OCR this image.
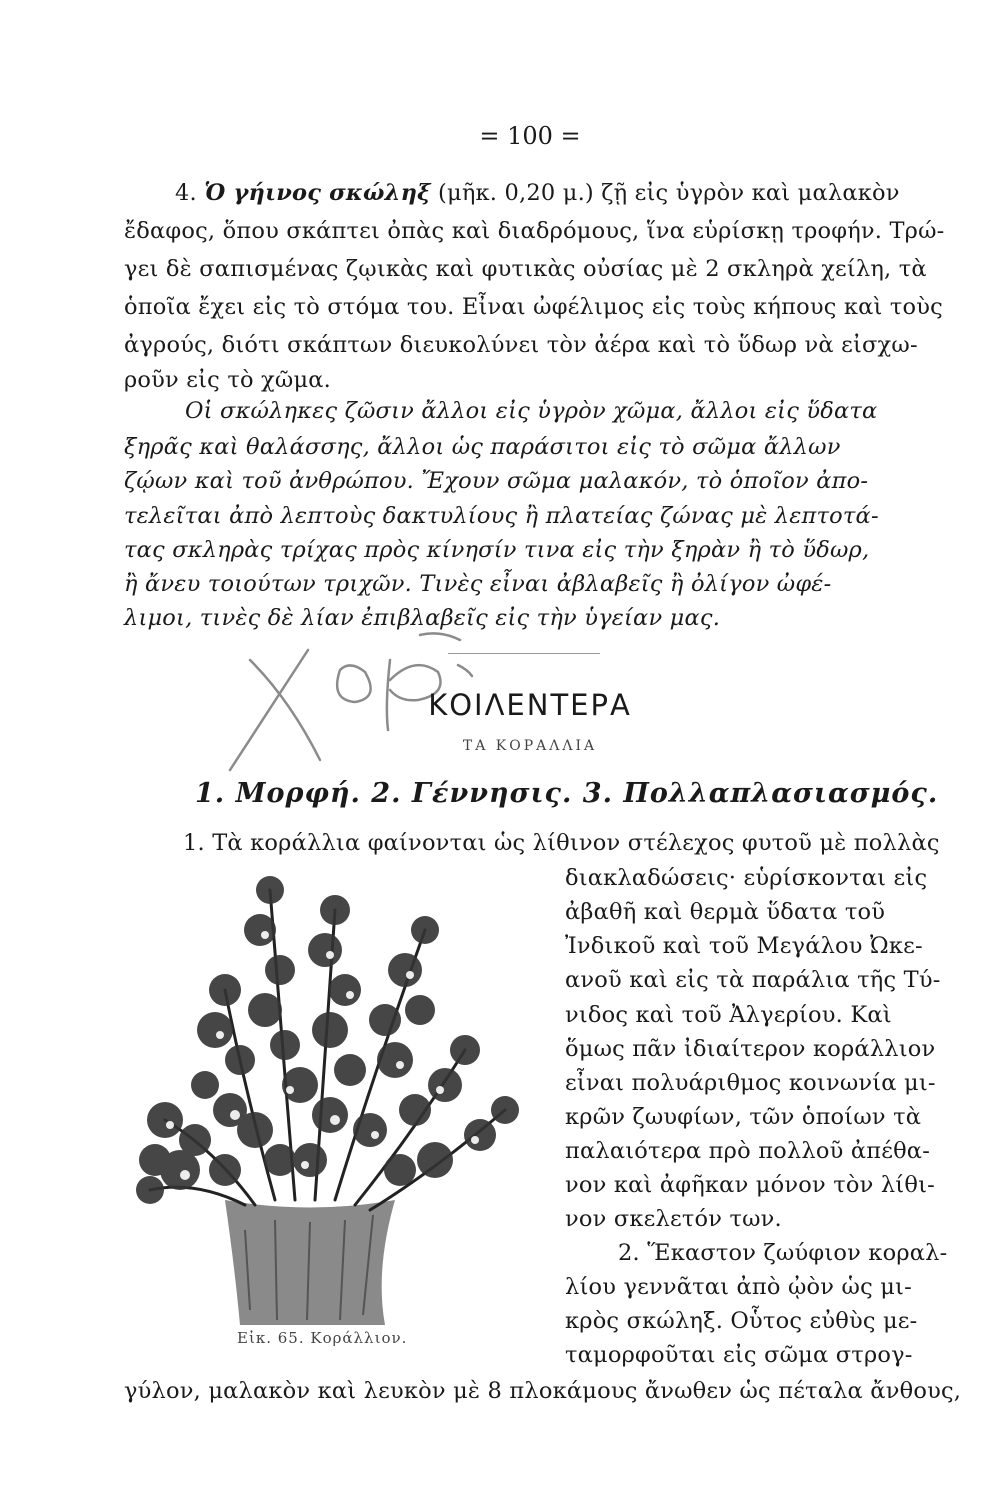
= 100 =
4. Ὁ γήινος σκώληξ (μῆκ. 0,20 μ.) ζῇ εἰς ὑγρὸν καὶ μαλακὸν
ἔδαφος, ὅπου σκάπτει ὀπὰς καὶ διαδρόμους, ἵνα εὑρίσκῃ τροφήν. Τρώ-
γει δὲ σαπισμένας ζῳικὰς καὶ φυτικὰς οὐσίας μὲ 2 σκληρὰ χείλη, τὰ
ὁποῖα ἔχει εἰς τὸ στόμα του. Εἶναι ὠφέλιμος εἰς τοὺς κήπους καὶ τοὺς
ἀγρούς, διότι σκάπτων διευκολύνει τὸν ἀέρα καὶ τὸ ὕδωρ νὰ εἰσχω-
ροῦν εἰς τὸ χῶμα.
Οἱ σκώληκες ζῶσιν ἄλλοι εἰς ὑγρὸν χῶμα, ἄλλοι εἰς ὕδατα
ξηρᾶς καὶ θαλάσσης, ἄλλοι ὡς παράσιτοι εἰς τὸ σῶμα ἄλλων
ζῴων καὶ τοῦ ἀνθρώπου. Ἔχουν σῶμα μαλακόν, τὸ ὁποῖον ἀπο-
τελεῖται ἀπὸ λεπτοὺς δακτυλίους ἢ πλατείας ζώνας μὲ λεπτοτά-
τας σκληρὰς τρίχας πρὸς κίνησίν τινα εἰς τὴν ξηρὰν ἢ τὸ ὕδωρ,
ἢ ἄνευ τοιούτων τριχῶν. Τινὲς εἶναι ἀβλαβεῖς ἢ ὀλίγον ὠφέ-
λιμοι, τινὲς δὲ λίαν ἐπιβλαβεῖς εἰς τὴν ὑγείαν μας.
ΚΟΙΛΕΝΤΕΡΑ
ΤΑ ΚΟΡΑΛΛΙΑ
1. Μορφή. 2. Γέννησις. 3. Πολλαπλασιασμός.
1. Τὰ κοράλλια φαίνονται ὡς λίθινον στέλεχος φυτοῦ μὲ πολλὰς
διακλαδώσεις· εὑρίσκονται εἰς
ἀβαθῆ καὶ θερμὰ ὕδατα τοῦ
Ἰνδικοῦ καὶ τοῦ Μεγάλου Ὠκε-
ανοῦ καὶ εἰς τὰ παράλια τῆς Τύ-
νιδος καὶ τοῦ Ἀλγερίου. Καὶ
ὅμως πᾶν ἰδιαίτερον κοράλλιον
εἶναι πολυάριθμος κοινωνία μι-
κρῶν ζωυφίων, τῶν ὁποίων τὰ
παλαιότερα πρὸ πολλοῦ ἀπέθα-
νον καὶ ἀφῆκαν μόνον τὸν λίθι-
νον σκελετόν των.
2. Ἕκαστον ζωύφιον κοραλ-
λίου γεννᾶται ἀπὸ ᾠὸν ὡς μι-
κρὸς σκώληξ. Οὗτος εὐθὺς με-
ταμορφοῦται εἰς σῶμα στρογ-
γύλον, μαλακὸν καὶ λευκὸν μὲ 8 πλοκάμους ἄνωθεν ὡς πέταλα ἄνθους,
Εἰκ. 65. Κοράλλιον.
